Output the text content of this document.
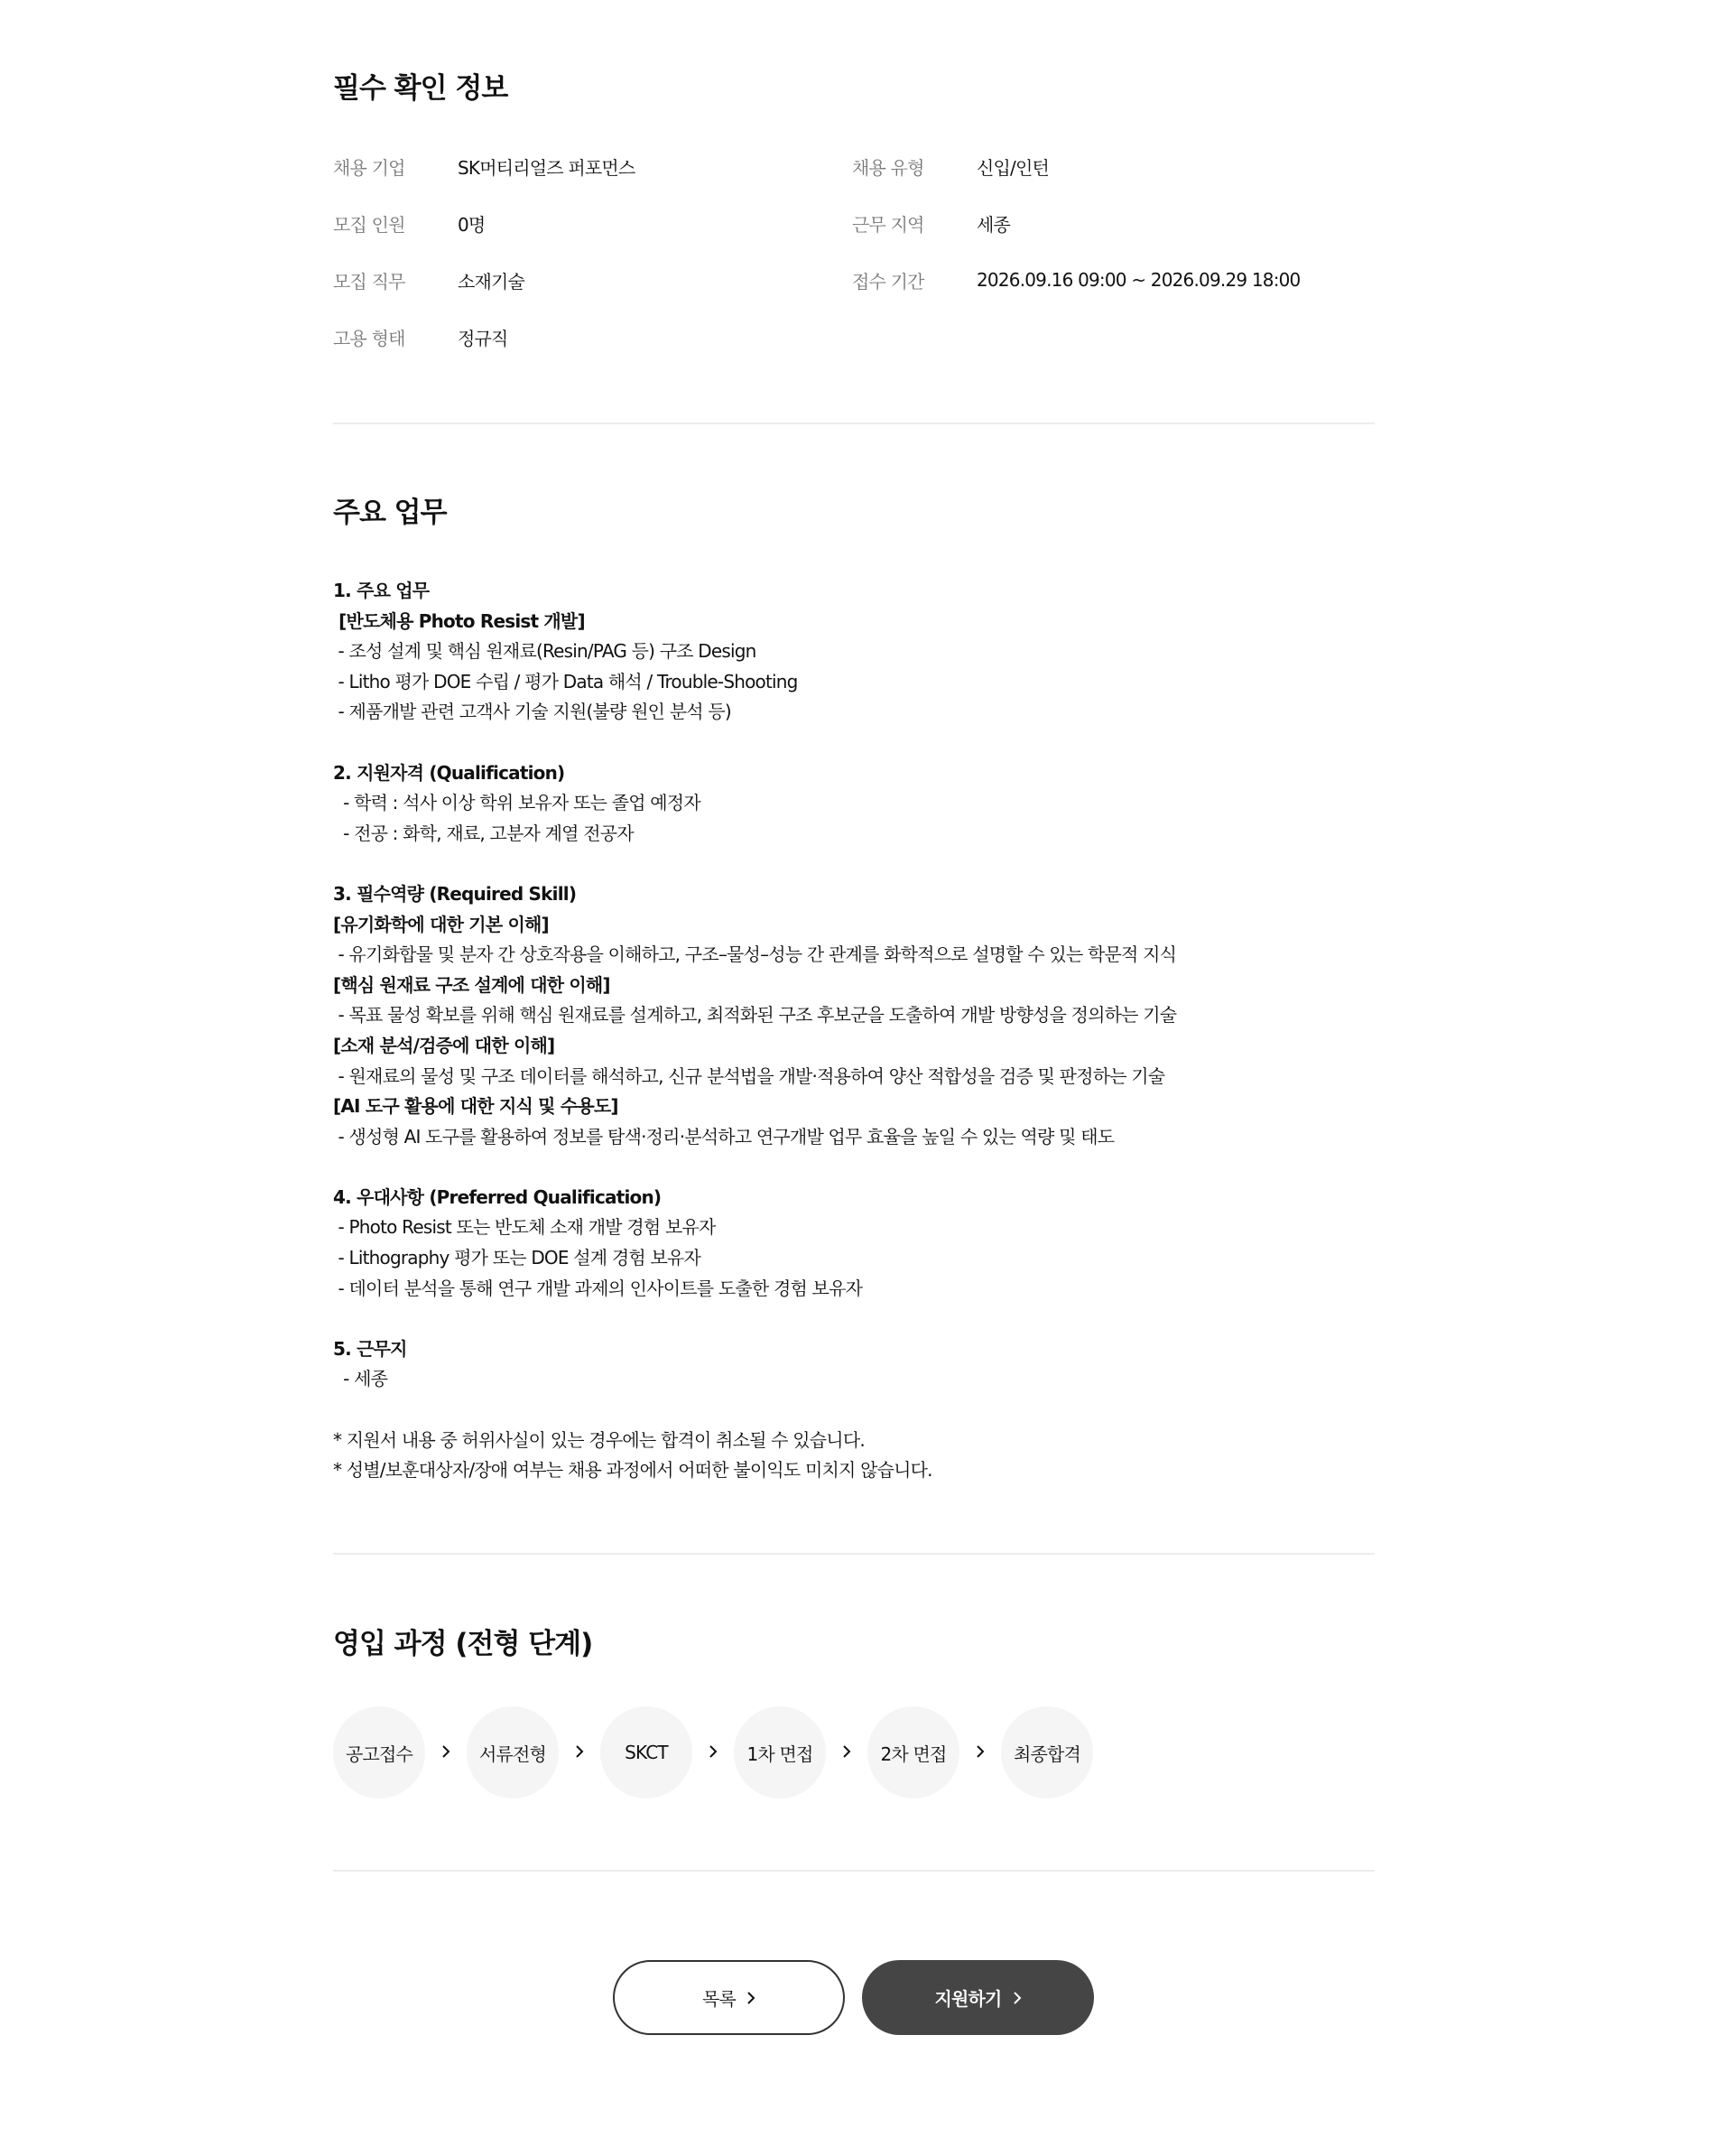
필수 확인 정보
채용 기업	SK머티리얼즈 퍼포먼스	채용 유형	신입/인턴
모집 인원	0명	근무 지역	세종
모집 직무	소재기술	접수 기간	2026.09.16 09:00 ~ 2026.09.29 18:00
고용 형태	정규직
주요 업무
1. 주요 업무
[반도체용 Photo Resist 개발]
- 조성 설계 및 핵심 원재료(Resin/PAG 등) 구조 Design
- Litho 평가 DOE 수립 / 평가 Data 해석 / Trouble-Shooting
- 제품개발 관련 고객사 기술 지원(불량 원인 분석 등)
2. 지원자격 (Qualification)
- 학력 : 석사 이상 학위 보유자 또는 졸업 예정자
- 전공 : 화학, 재료, 고분자 계열 전공자
3. 필수역량 (Required Skill)
[유기화학에 대한 기본 이해]
- 유기화합물 및 분자 간 상호작용을 이해하고, 구조–물성–성능 간 관계를 화학적으로 설명할 수 있는 학문적 지식
[핵심 원재료 구조 설계에 대한 이해]
- 목표 물성 확보를 위해 핵심 원재료를 설계하고, 최적화된 구조 후보군을 도출하여 개발 방향성을 정의하는 기술
[소재 분석/검증에 대한 이해]
- 원재료의 물성 및 구조 데이터를 해석하고, 신규 분석법을 개발·적용하여 양산 적합성을 검증 및 판정하는 기술
[AI 도구 활용에 대한 지식 및 수용도]
- 생성형 AI 도구를 활용하여 정보를 탐색·정리·분석하고 연구개발 업무 효율을 높일 수 있는 역량 및 태도
4. 우대사항 (Preferred Qualification)
- Photo Resist 또는 반도체 소재 개발 경험 보유자
- Lithography 평가 또는 DOE 설계 경험 보유자
- 데이터 분석을 통해 연구 개발 과제의 인사이트를 도출한 경험 보유자
5. 근무지
- 세종
* 지원서 내용 중 허위사실이 있는 경우에는 합격이 취소될 수 있습니다.
* 성별/보훈대상자/장애 여부는 채용 과정에서 어떠한 불이익도 미치지 않습니다.
영입 과정 (전형 단계)
공고접수	서류전형	SKCT	1차 면접	2차 면접	최종합격
목록	지원하기
